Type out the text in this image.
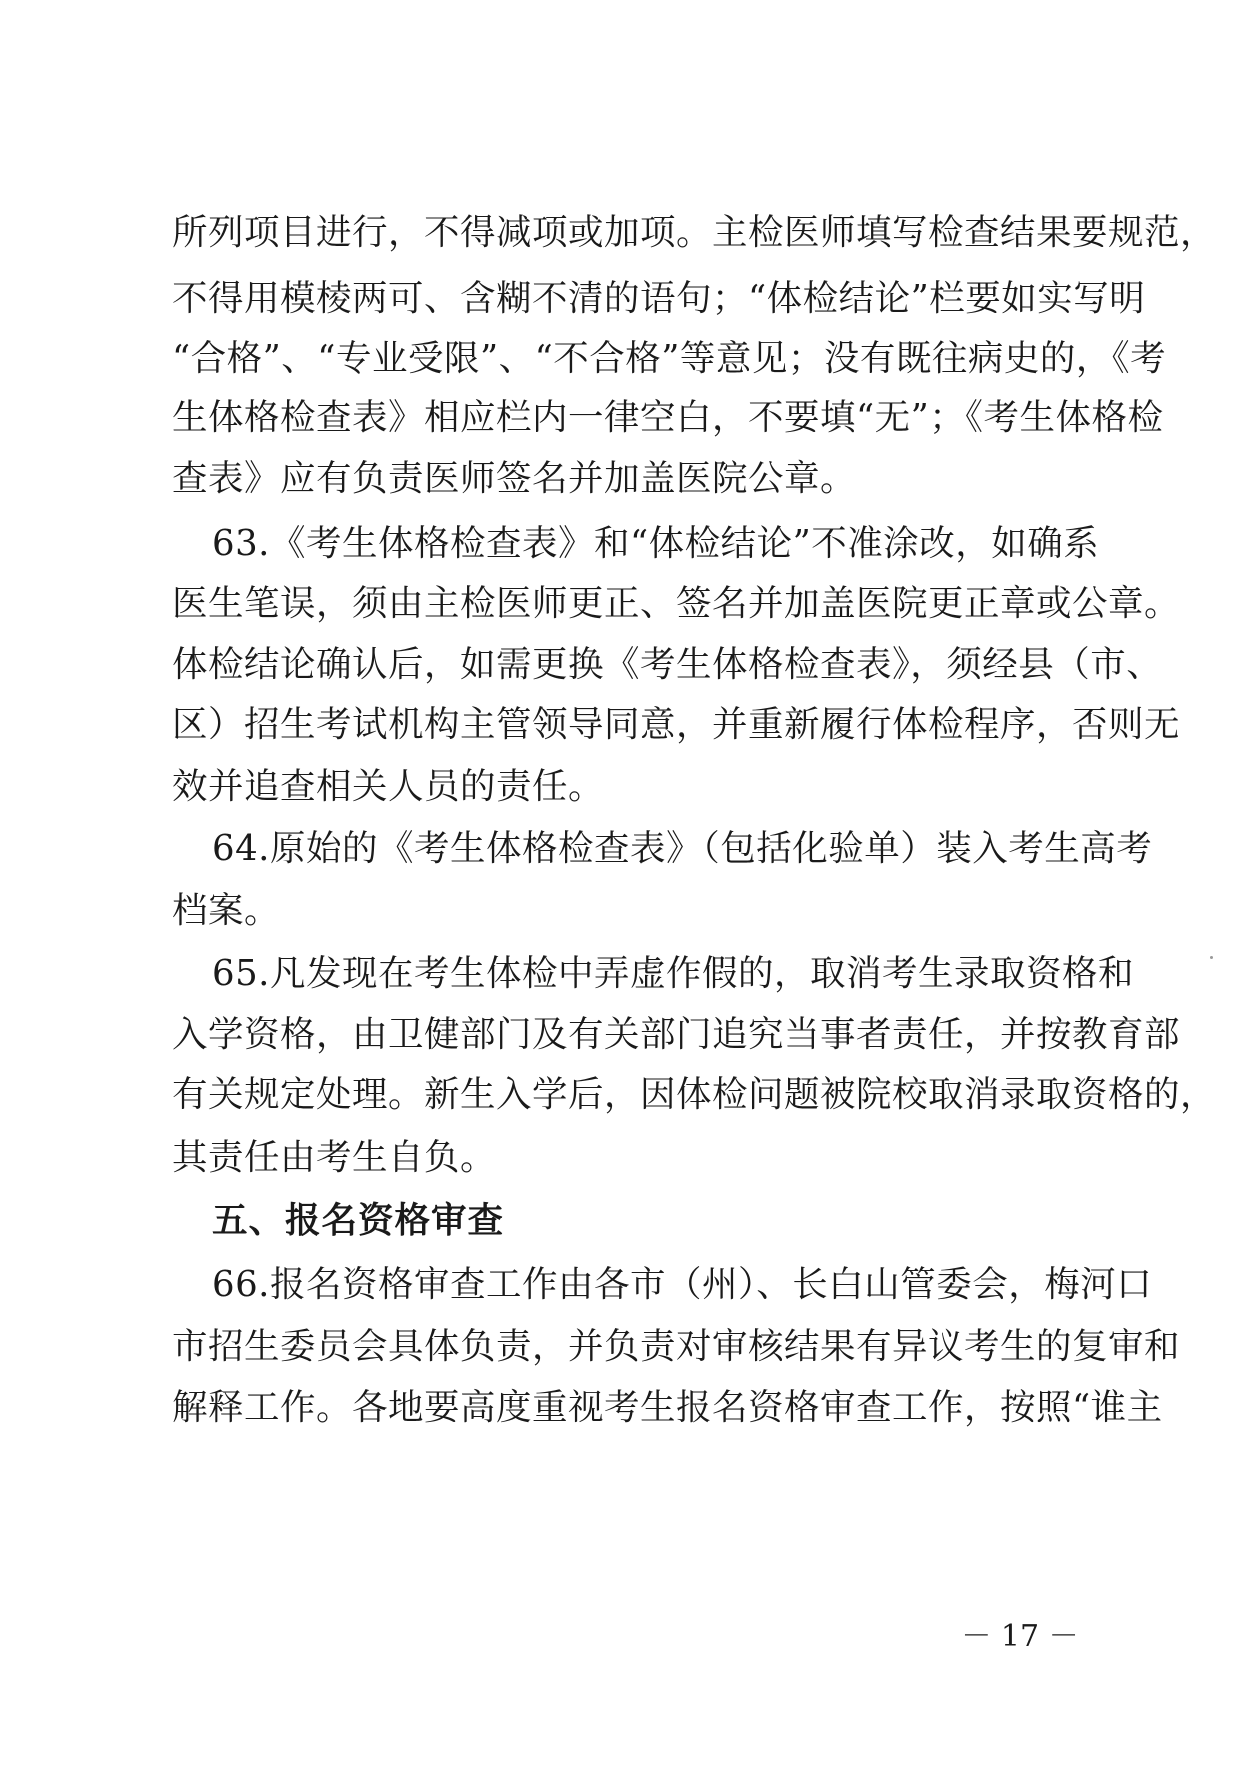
所列项目进行，不得减项或加项。主检医师填写检查结果要规范，
不得用模棱两可、含糊不清的语句；“体检结论”栏要如实写明
“合格”、“专业受限”、“不合格”等意见；没有既往病史的，《考
生体格检查表》相应栏内一律空白，不要填“无”；《考生体格检
查表》应有负责医师签名并加盖医院公章。
63.《考生体格检查表》和“体检结论”不准涂改，如确系
医生笔误，须由主检医师更正、签名并加盖医院更正章或公章。
体检结论确认后，如需更换《考生体格检查表》，须经县（市、
区）招生考试机构主管领导同意，并重新履行体检程序，否则无
效并追查相关人员的责任。
64.原始的《考生体格检查表》（包括化验单）装入考生高考
档案。
65.凡发现在考生体检中弄虚作假的，取消考生录取资格和
入学资格，由卫健部门及有关部门追究当事者责任，并按教育部
有关规定处理。新生入学后，因体检问题被院校取消录取资格的，
其责任由考生自负。
五、报名资格审查
66.报名资格审查工作由各市（州）、长白山管委会，梅河口
市招生委员会具体负责，并负责对审核结果有异议考生的复审和
解释工作。各地要高度重视考生报名资格审查工作，按照“谁主
－ 17 －
